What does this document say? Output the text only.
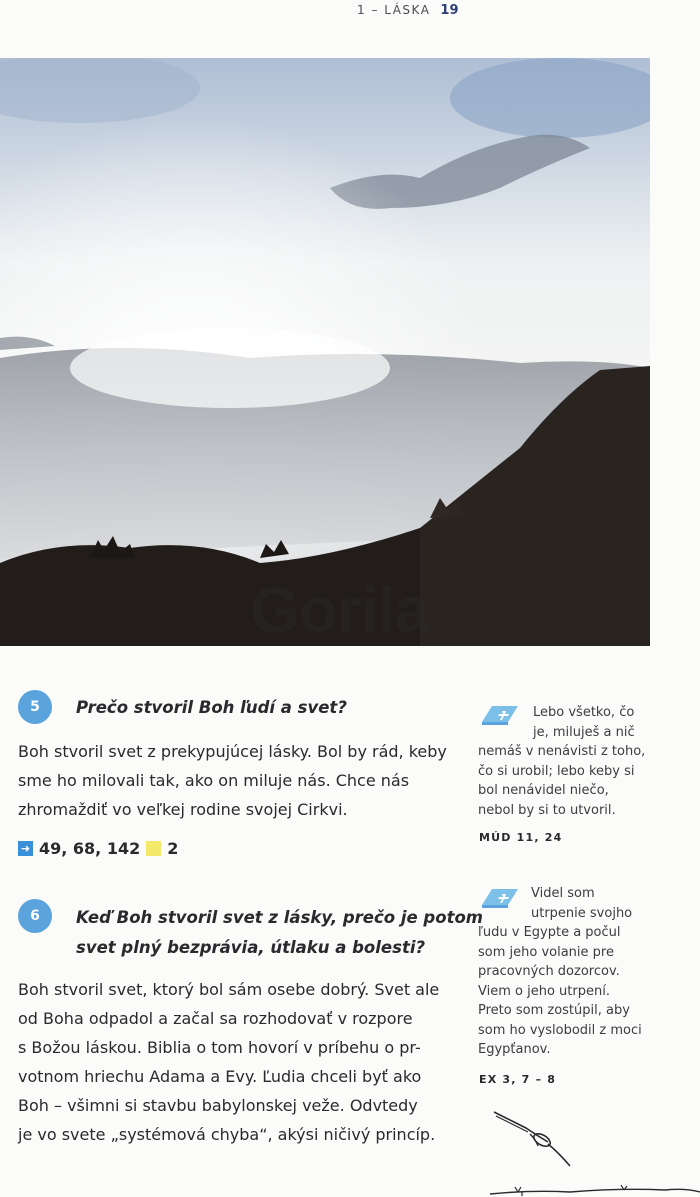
1 – LÁSKA 19
Gorila
5	Prečo stvoril Boh ľudí a svet?
Boh stvoril svet z prekypujúcej lásky. Bol by rád, keby
sme ho milovali tak, ako on miluje nás. Chce nás
zhromaždiť vo veľkej rodine svojej Cirkvi.
➜ 49, 68, 142 2
6	Keď Boh stvoril svet z lásky, prečo je potom
svet plný bezprávia, útlaku a bolesti?
Boh stvoril svet, ktorý bol sám osebe dobrý. Svet ale
od Boha odpadol a začal sa rozhodovať v rozpore
s Božou láskou. Biblia o tom hovorí v príbehu o pr-
votnom hriechu Adama a Evy. Ľudia chceli byť ako
Boh – všimni si stavbu babylonskej veže. Odvtedy
je vo svete „systémová chyba“, akýsi ničivý princíp.
Lebo všetko, čo
je, miluješ a nič
nemáš v nenávisti z toho,
čo si urobil; lebo keby si
bol nenávidel niečo,
nebol by si to utvoril.
MÚD 11, 24
Videl som
utrpenie svojho
ľudu v Egypte a počul
som jeho volanie pre
pracovných dozorcov.
Viem o jeho utrpení.
Preto som zostúpil, aby
som ho vyslobodil z moci
Egypťanov.
EX 3, 7 – 8
